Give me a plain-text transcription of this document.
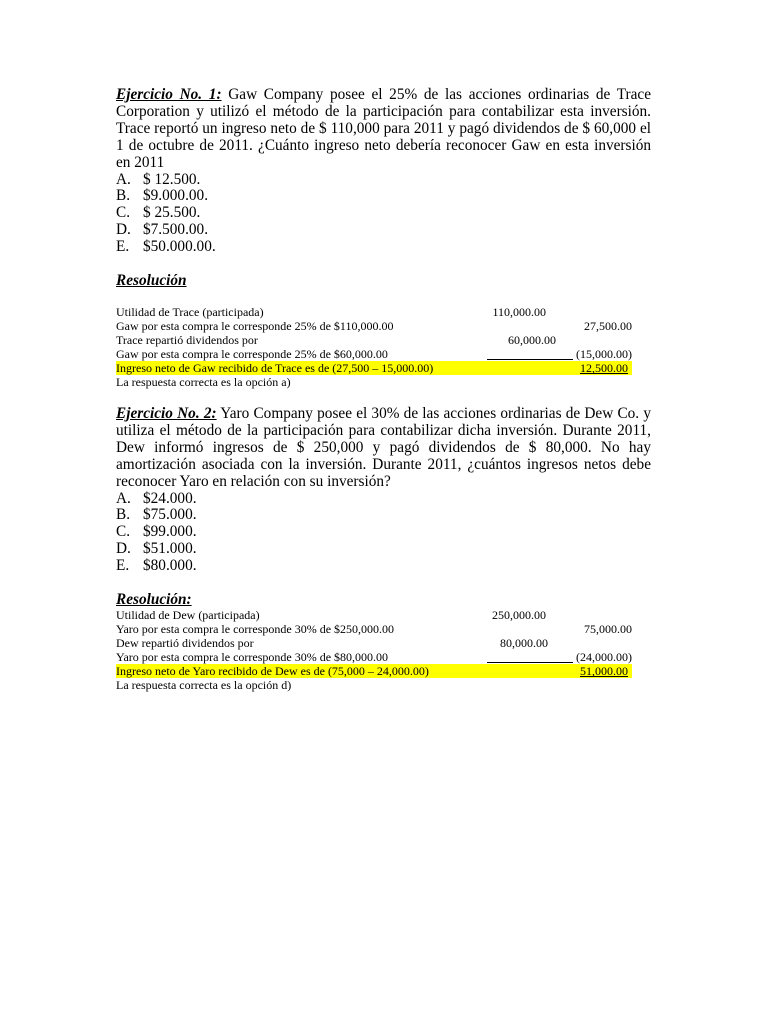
Ejercicio No. 1: Gaw Company posee el 25% de las acciones ordinarias de Trace Corporation y utilizó el método de la participación para contabilizar esta inversión. Trace reportó un ingreso neto de $ 110,000 para 2011 y pagó dividendos de $ 60,000 el 1 de octubre de 2011. ¿Cuánto ingreso neto debería reconocer Gaw en esta inversión en 2011

A. $ 12.500.
B. $9.000.00.
C. $ 25.500.
D. $7.500.00.
E. $50.000.00.
Resolución
Utilidad de Trace (participada)	110,000.00
Gaw por esta compra le corresponde 25% de $110,000.00	27,500.00
Trace repartió dividendos por	60,000.00
Gaw por esta compra le corresponde 25% de $60,000.00	(15,000.00)
Ingreso neto de Gaw recibido de Trace es de (27,500 – 15,000.00)	12,500.00
La respuesta correcta es la opción a)

Ejercicio No. 2: Yaro Company posee el 30% de las acciones ordinarias de Dew Co. y utiliza el método de la participación para contabilizar dicha inversión. Durante 2011, Dew informó ingresos de $ 250,000 y pagó dividendos de $ 80,000. No hay amortización asociada con la inversión. Durante 2011, ¿cuántos ingresos netos debe reconocer Yaro en relación con su inversión?

A. $24.000.
B. $75.000.
C. $99.000.
D. $51.000.
E. $80.000.
Resolución:
Utilidad de Dew (participada)	250,000.00
Yaro por esta compra le corresponde 30% de $250,000.00	75,000.00
Dew repartió dividendos por	80,000.00
Yaro por esta compra le corresponde 30% de $80,000.00	(24,000.00)
Ingreso neto de Yaro recibido de Dew es de (75,000 – 24,000.00)	51,000.00
La respuesta correcta es la opción d)
